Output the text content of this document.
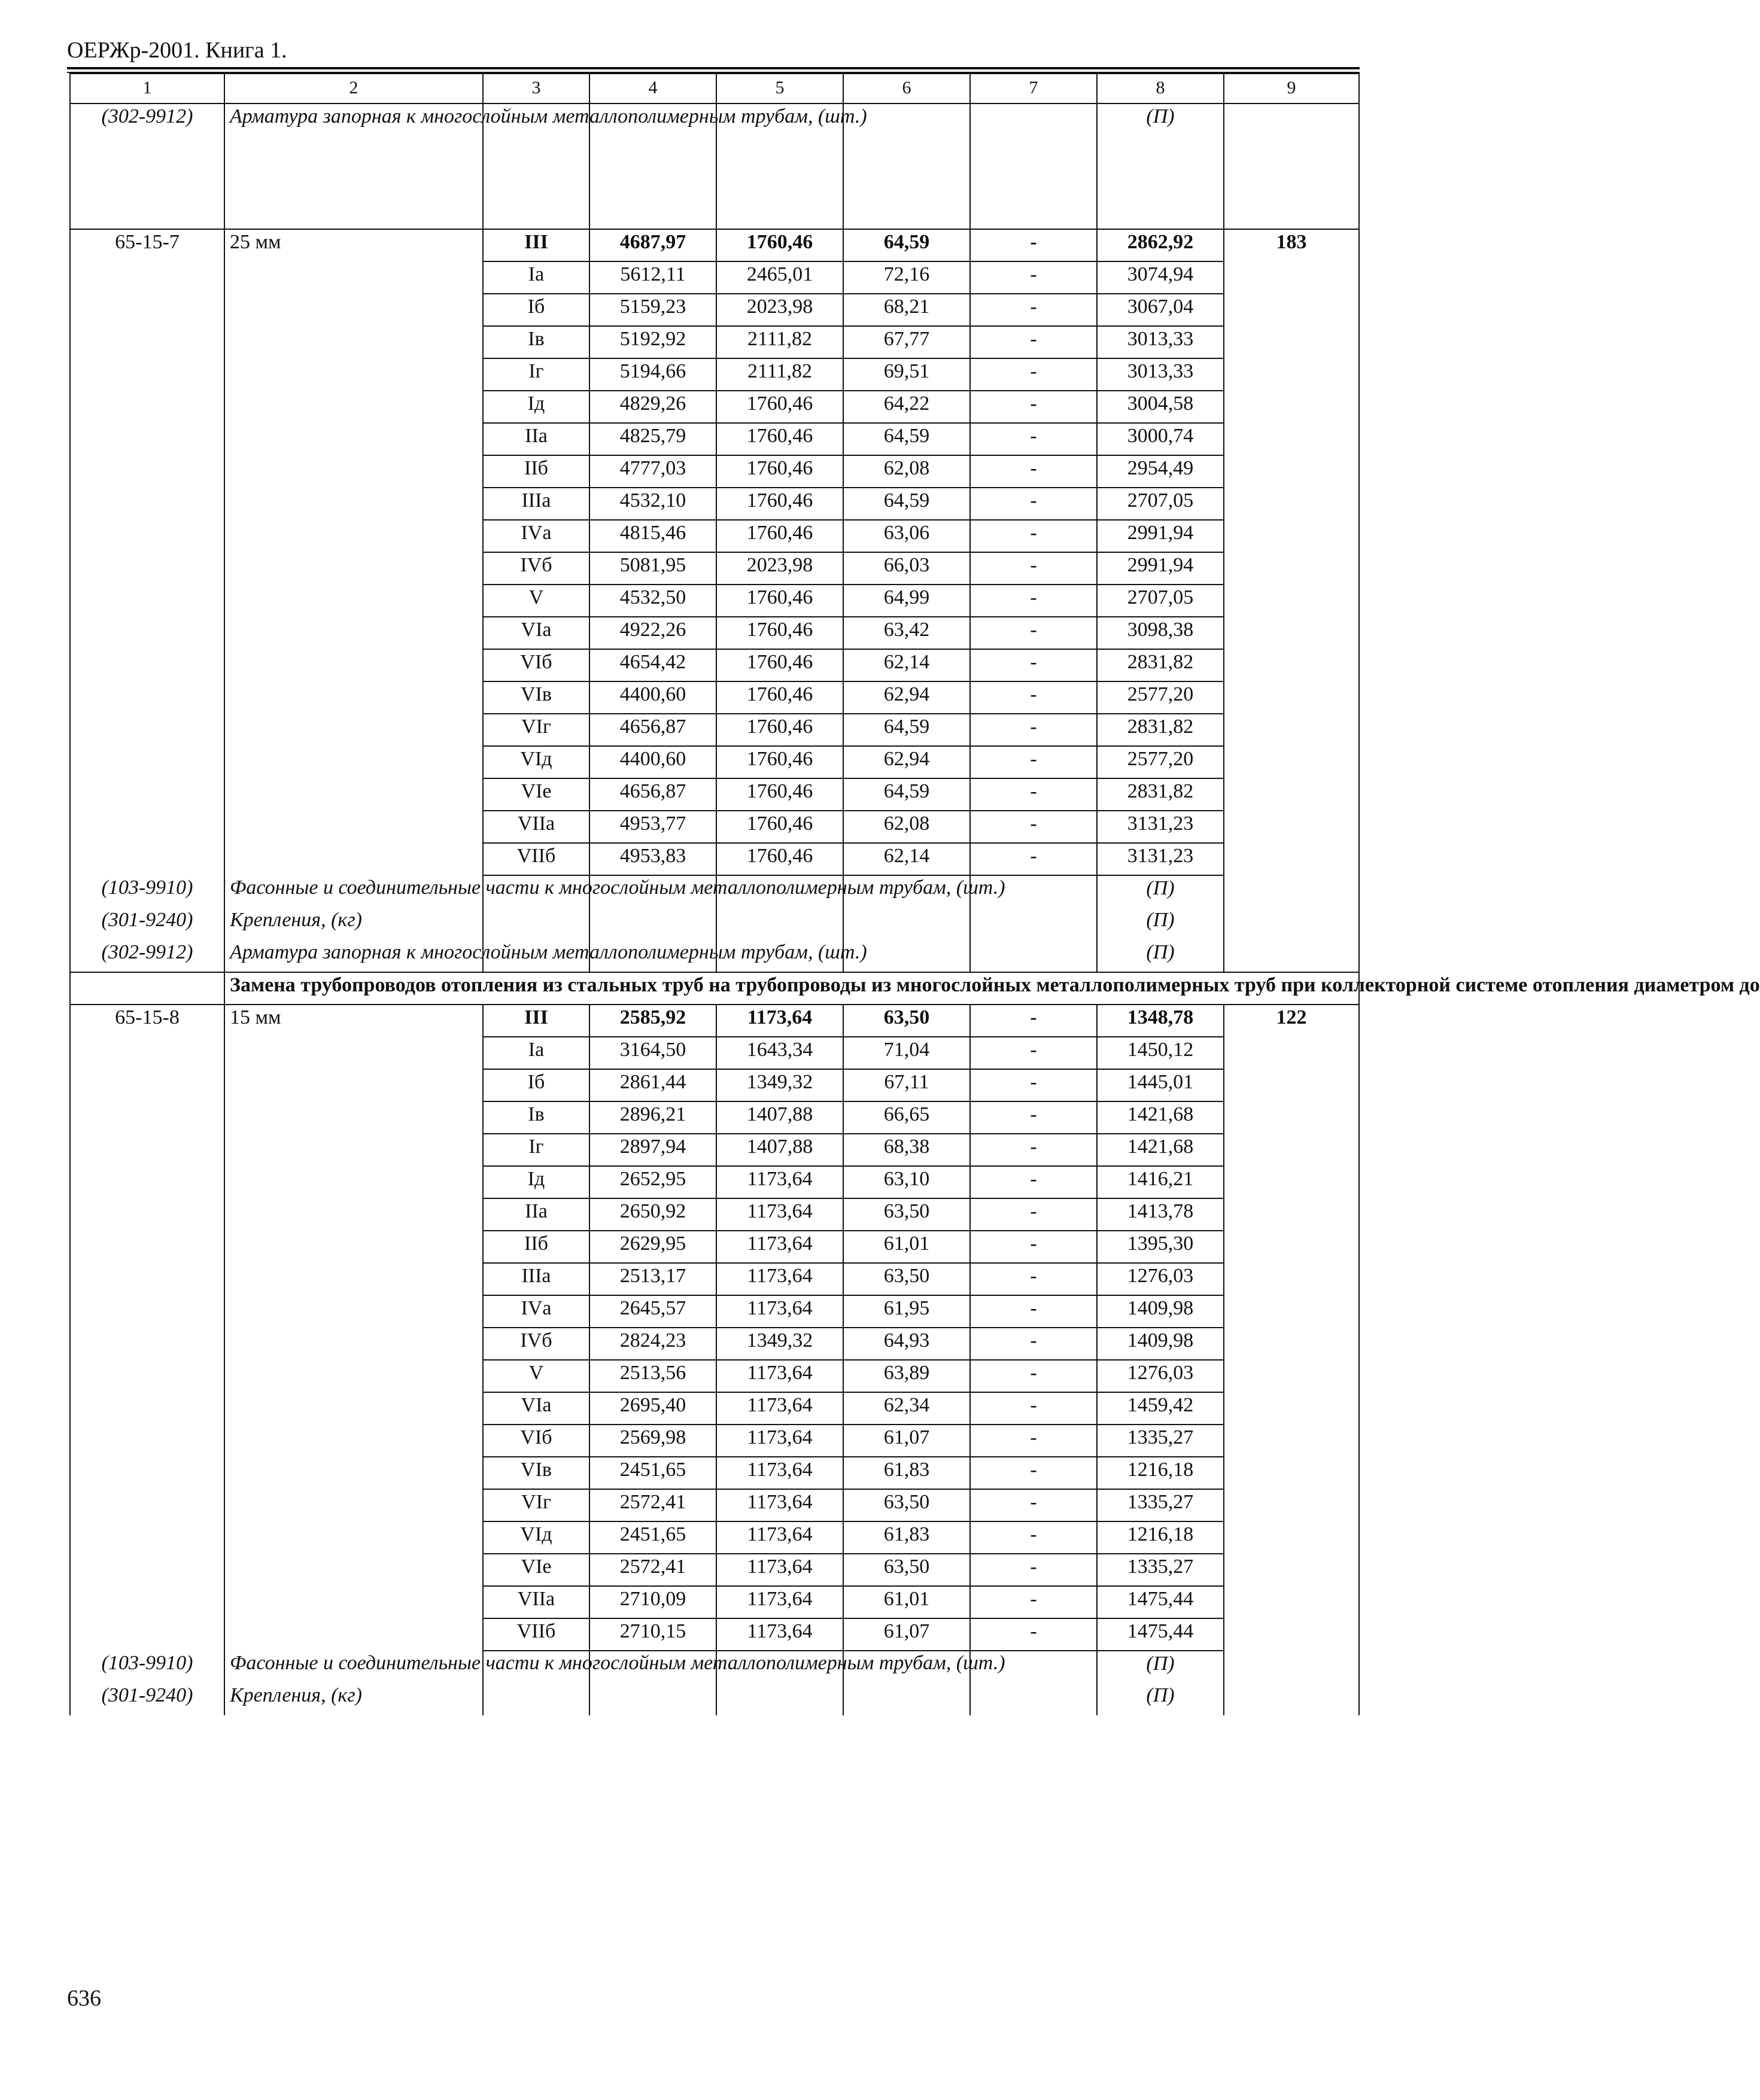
ОЕРЖр-2001. Книга 1.
1	2	3	4	5	6	7	8	9
(302-9912)	Арматура запорная к многослойным металлополимерным трубам, (шт.)						(П)	
65-15-7	25 мм	III	4687,97	1760,46	64,59	-	2862,92	183
		Iа	5612,11	2465,01	72,16	-	3074,94	
		Iб	5159,23	2023,98	68,21	-	3067,04	
		Iв	5192,92	2111,82	67,77	-	3013,33	
		Iг	5194,66	2111,82	69,51	-	3013,33	
		Iд	4829,26	1760,46	64,22	-	3004,58	
		IIа	4825,79	1760,46	64,59	-	3000,74	
		IIб	4777,03	1760,46	62,08	-	2954,49	
		IIIа	4532,10	1760,46	64,59	-	2707,05	
		IVа	4815,46	1760,46	63,06	-	2991,94	
		IVб	5081,95	2023,98	66,03	-	2991,94	
		V	4532,50	1760,46	64,99	-	2707,05	
		VIа	4922,26	1760,46	63,42	-	3098,38	
		VIб	4654,42	1760,46	62,14	-	2831,82	
		VIв	4400,60	1760,46	62,94	-	2577,20	
		VIг	4656,87	1760,46	64,59	-	2831,82	
		VIд	4400,60	1760,46	62,94	-	2577,20	
		VIе	4656,87	1760,46	64,59	-	2831,82	
		VIIа	4953,77	1760,46	62,08	-	3131,23	
		VIIб	4953,83	1760,46	62,14	-	3131,23	
(103-9910)	Фасонные и соединительные части к многослойным металлополимерным трубам, (шт.)						(П)	
(301-9240)	Крепления, (кг)						(П)	
(302-9912)	Арматура запорная к многослойным металлополимерным трубам, (шт.)						(П)	
	Замена трубопроводов отопления из стальных труб на трубопроводы из многослойных металлополимерных труб при коллекторной системе отопления диаметром до							
65-15-8	15 мм	III	2585,92	1173,64	63,50	-	1348,78	122
		Iа	3164,50	1643,34	71,04	-	1450,12	
		Iб	2861,44	1349,32	67,11	-	1445,01	
		Iв	2896,21	1407,88	66,65	-	1421,68	
		Iг	2897,94	1407,88	68,38	-	1421,68	
		Iд	2652,95	1173,64	63,10	-	1416,21	
		IIа	2650,92	1173,64	63,50	-	1413,78	
		IIб	2629,95	1173,64	61,01	-	1395,30	
		IIIа	2513,17	1173,64	63,50	-	1276,03	
		IVа	2645,57	1173,64	61,95	-	1409,98	
		IVб	2824,23	1349,32	64,93	-	1409,98	
		V	2513,56	1173,64	63,89	-	1276,03	
		VIа	2695,40	1173,64	62,34	-	1459,42	
		VIб	2569,98	1173,64	61,07	-	1335,27	
		VIв	2451,65	1173,64	61,83	-	1216,18	
		VIг	2572,41	1173,64	63,50	-	1335,27	
		VIд	2451,65	1173,64	61,83	-	1216,18	
		VIе	2572,41	1173,64	63,50	-	1335,27	
		VIIа	2710,09	1173,64	61,01	-	1475,44	
		VIIб	2710,15	1173,64	61,07	-	1475,44	
(103-9910)	Фасонные и соединительные части к многослойным металлополимерным трубам, (шт.)						(П)	
(301-9240)	Крепления, (кг)						(П)	
636
